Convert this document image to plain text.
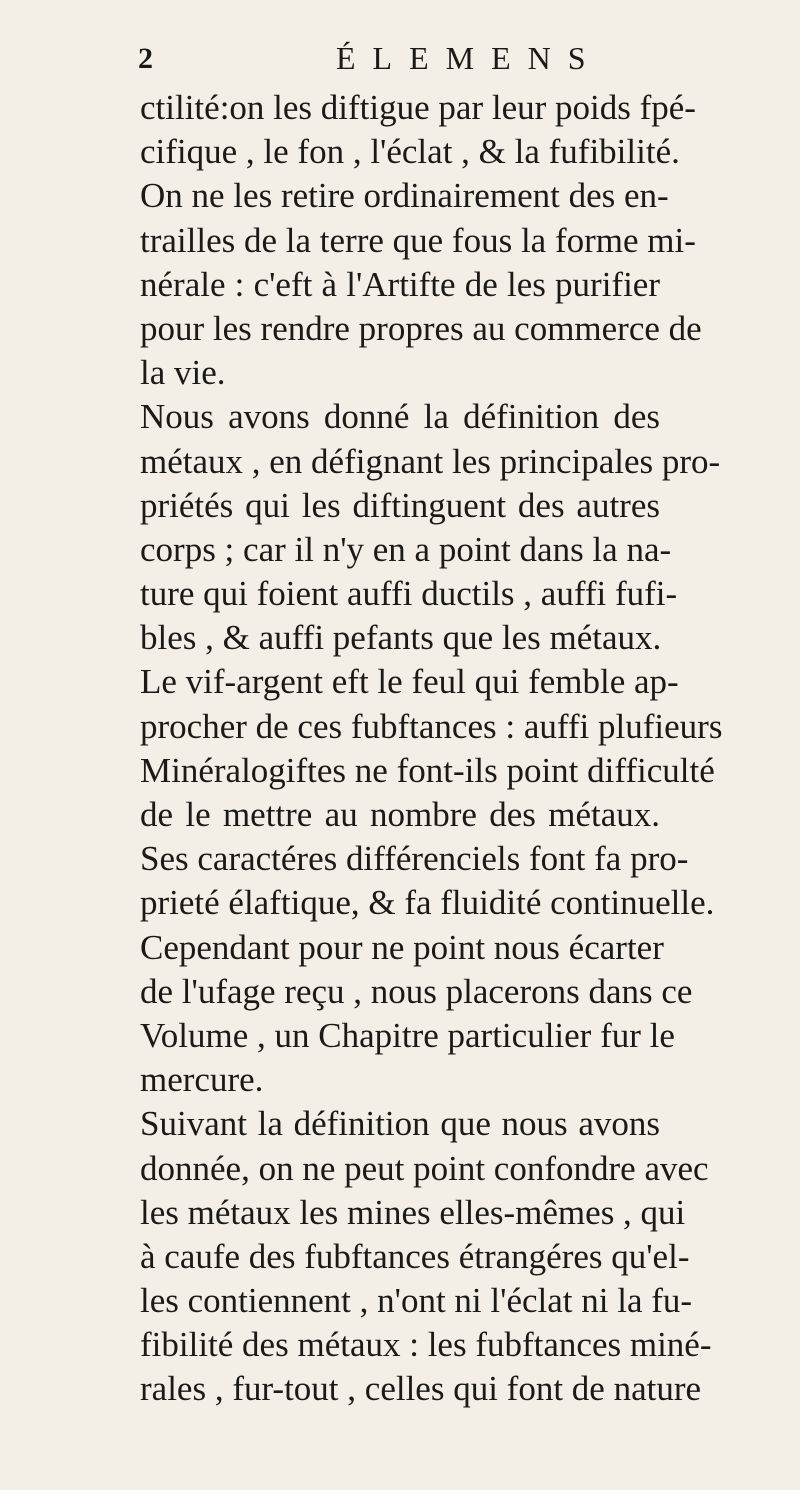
2	ÉLEMENS
ctilité:on les diftigue par leur poids fpé-
cifique , le fon , l'éclat , & la fufibilité.
On ne les retire ordinairement des en-
trailles de la terre que fous la forme mi-
nérale : c'eft à l'Artifte de les purifier
pour les rendre propres au commerce de
la vie.
Nous avons donné la définition des
métaux , en défignant les principales pro-
priétés qui les diftinguent des autres
corps ; car il n'y en a point dans la na-
ture qui foient auffi ductils , auffi fufi-
bles , & auffi pefants que les métaux.
Le vif-argent eft le feul qui femble ap-
procher de ces fubftances : auffi plufieurs
Minéralogiftes ne font-ils point difficulté
de le mettre au nombre des métaux.
Ses caractéres différenciels font fa pro-
prieté élaftique, & fa fluidité continuelle.
Cependant pour ne point nous écarter
de l'ufage reçu , nous placerons dans ce
Volume , un Chapitre particulier fur le
mercure.
Suivant la définition que nous avons
donnée, on ne peut point confondre avec
les métaux les mines elles-mêmes , qui
à caufe des fubftances étrangéres qu'el-
les contiennent , n'ont ni l'éclat ni la fu-
fibilité des métaux : les fubftances miné-
rales , fur-tout , celles qui font de nature
